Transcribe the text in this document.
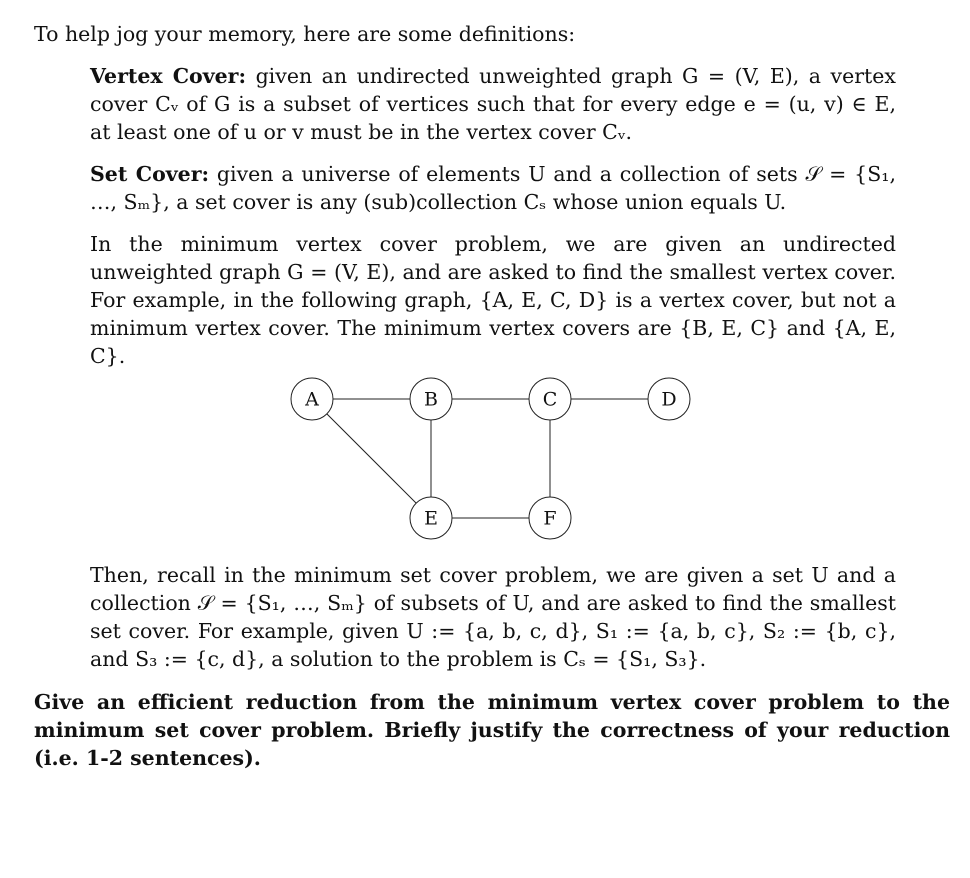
To help jog your memory, here are some definitions:

Vertex Cover: given an undirected unweighted graph G = (V, E), a vertex cover Cᵥ of G is a subset of vertices such that for every edge e = (u, v) ∈ E, at least one of u or v must be in the vertex cover Cᵥ.

Set Cover: given a universe of elements U and a collection of sets 𝒮 = {S₁, …, Sₘ}, a set cover is any (sub)collection Cₛ whose union equals U.

In the minimum vertex cover problem, we are given an undirected unweighted graph G = (V, E), and are asked to find the smallest vertex cover. For example, in the following graph, {A, E, C, D} is a vertex cover, but not a minimum vertex cover. The minimum vertex covers are {B, E, C} and {A, E, C}.

A	B	C	D
E	F

Then, recall in the minimum set cover problem, we are given a set U and a collection 𝒮 = {S₁, …, Sₘ} of subsets of U, and are asked to find the smallest set cover. For example, given U := {a, b, c, d}, S₁ := {a, b, c}, S₂ := {b, c}, and S₃ := {c, d}, a solution to the problem is Cₛ = {S₁, S₃}.

Give an efficient reduction from the minimum vertex cover problem to the minimum set cover problem. Briefly justify the correctness of your reduction (i.e. 1-2 sentences).
